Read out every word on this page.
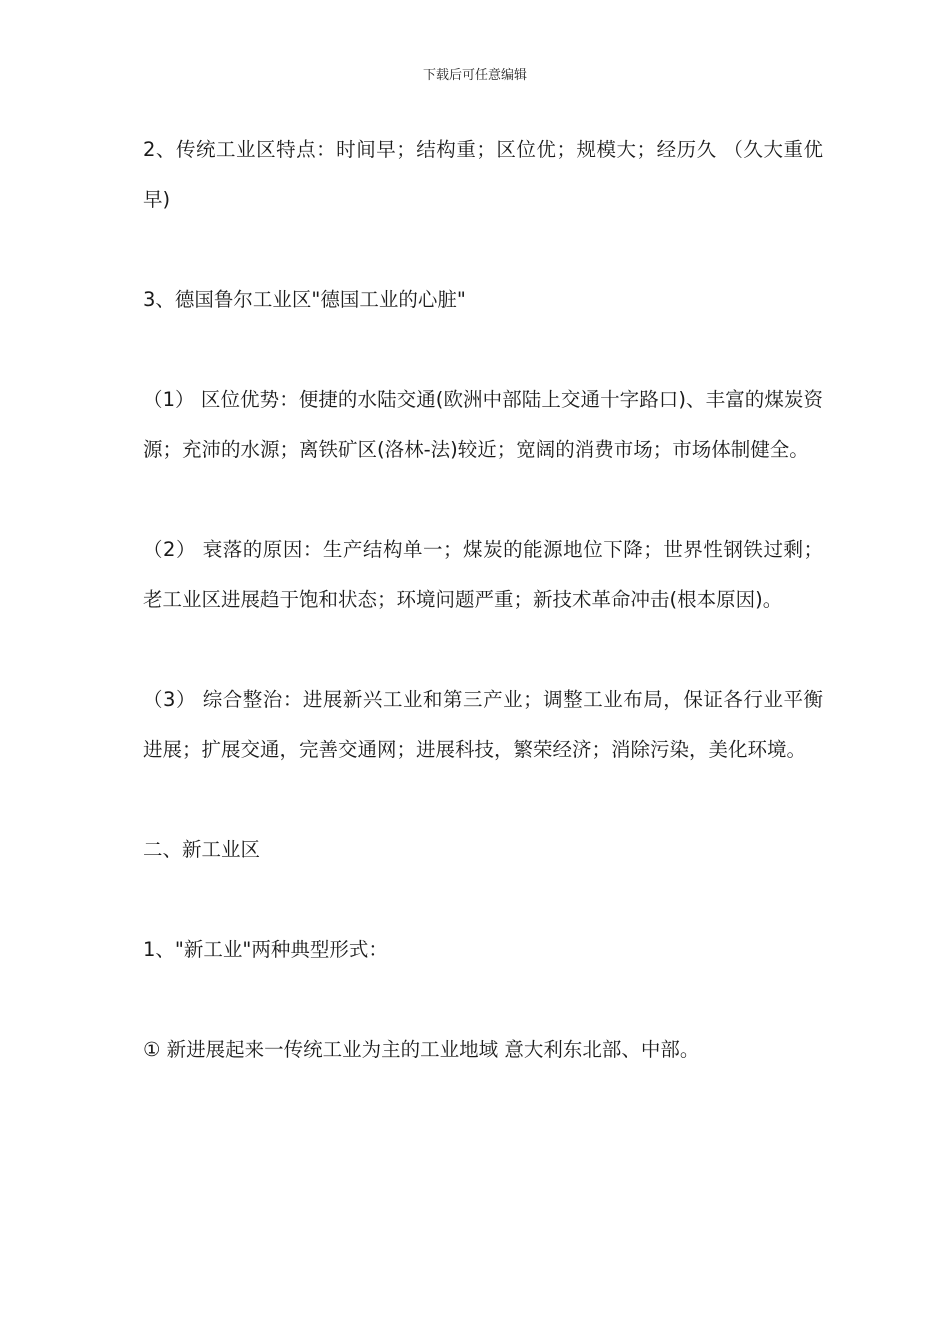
下载后可任意编辑

2、传统工业区特点：时间早；结构重；区位优；规模大；经历久 （久大重优早)

3、德国鲁尔工业区"德国工业的心脏"

（1） 区位优势：便捷的水陆交通(欧洲中部陆上交通十字路口)、丰富的煤炭资源；充沛的水源；离铁矿区(洛林-法)较近；宽阔的消费市场；市场体制健全。

（2） 衰落的原因：生产结构单一；煤炭的能源地位下降；世界性钢铁过剩；老工业区进展趋于饱和状态；环境问题严重；新技术革命冲击(根本原因)。

（3） 综合整治：进展新兴工业和第三产业；调整工业布局，保证各行业平衡进展；扩展交通，完善交通网；进展科技，繁荣经济；消除污染，美化环境。

二、新工业区

1、"新工业"两种典型形式：

① 新进展起来一传统工业为主的工业地域 意大利东北部、中部。
